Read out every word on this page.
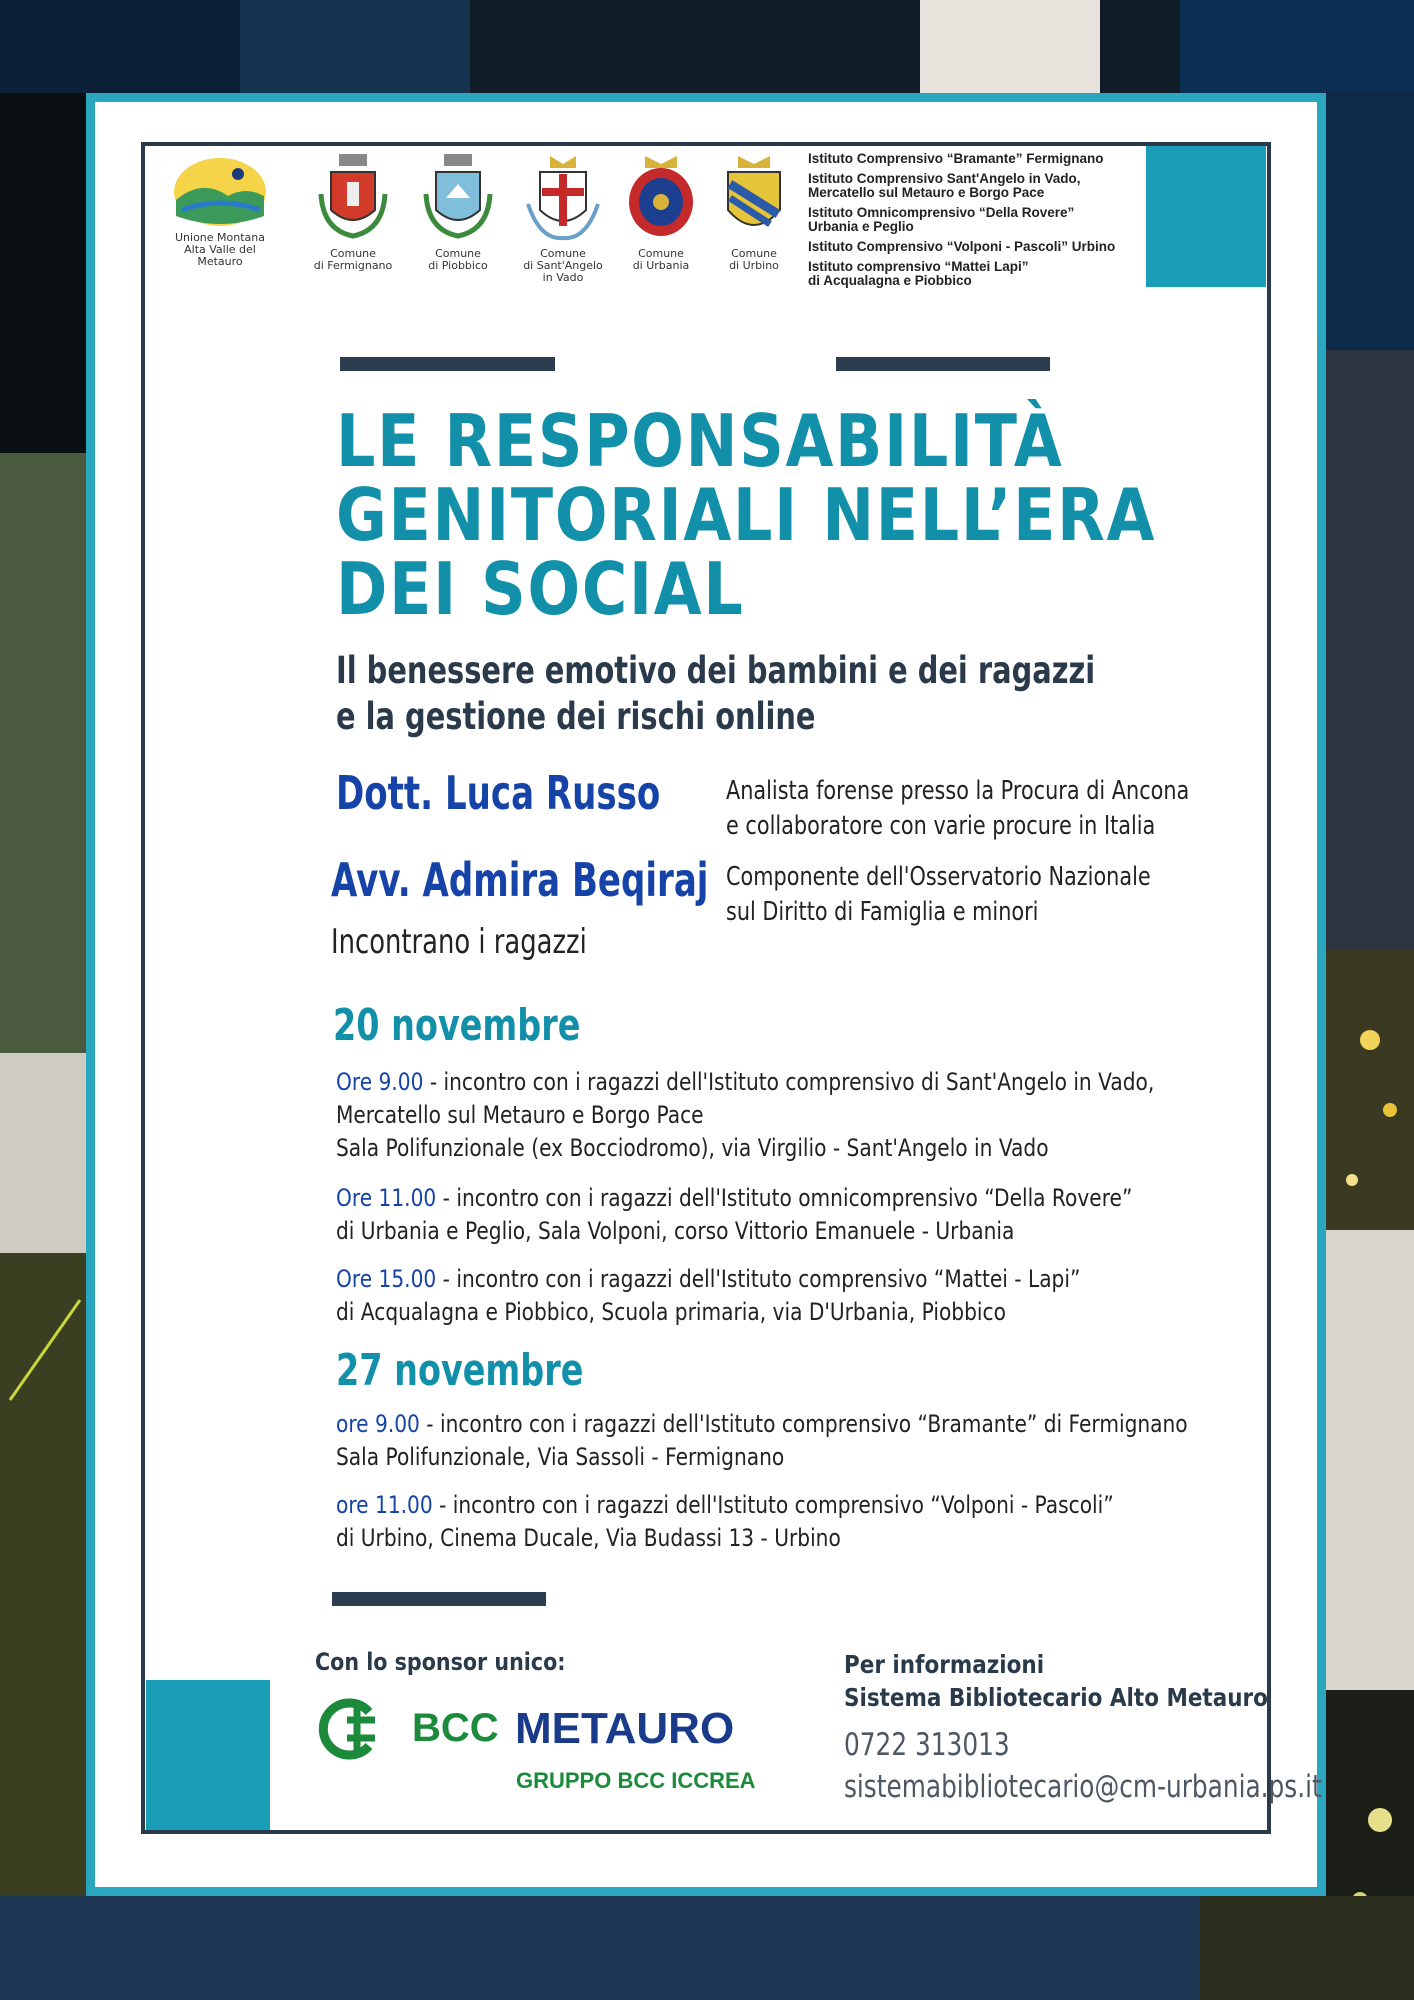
Unione Montana
Alta Valle del Metauro
Comune
di Fermignano
Comune
di Piobbico
Comune
di Sant'Angelo
in Vado
Comune
di Urbania
Comune
di Urbino
Istituto Comprensivo “Bramante” Fermignano
Istituto Comprensivo Sant'Angelo in Vado,
Mercatello sul Metauro e Borgo Pace
Istituto Omnicomprensivo “Della Rovere”
Urbania e Peglio
Istituto Comprensivo “Volponi - Pascoli” Urbino
Istituto comprensivo “Mattei Lapi”
di Acqualagna e Piobbico
LE RESPONSABILITÀ
GENITORIALI NELL’ERA
DEI SOCIAL
Il benessere emotivo dei bambini e dei ragazzi
e la gestione dei rischi online
Dott. Luca Russo	Analista forense presso la Procura di Ancona
e collaboratore con varie procure in Italia
Avv. Admira Beqiraj Componente dell'Osservatorio Nazionale
sul Diritto di Famiglia e minori
Incontrano i ragazzi
20 novembre
Ore 9.00 - incontro con i ragazzi dell'Istituto comprensivo di Sant'Angelo in Vado,
Mercatello sul Metauro e Borgo Pace
Sala Polifunzionale (ex Bocciodromo), via Virgilio - Sant'Angelo in Vado
Ore 11.00 - incontro con i ragazzi dell'Istituto omnicomprensivo “Della Rovere”
di Urbania e Peglio, Sala Volponi, corso Vittorio Emanuele - Urbania
Ore 15.00 - incontro con i ragazzi dell'Istituto comprensivo “Mattei - Lapi”
di Acqualagna e Piobbico, Scuola primaria, via D'Urbania, Piobbico
27 novembre
ore 9.00 - incontro con i ragazzi dell'Istituto comprensivo “Bramante” di Fermignano
Sala Polifunzionale, Via Sassoli - Fermignano
ore 11.00 - incontro con i ragazzi dell'Istituto comprensivo “Volponi - Pascoli”
di Urbino, Cinema Ducale, Via Budassi 13 - Urbino
Con lo sponsor unico:
BCC METAURO
GRUPPO BCC ICCREA
Per informazioni
Sistema Bibliotecario Alto Metauro
0722 313013
sistemabibliotecario@cm-urbania.ps.it
